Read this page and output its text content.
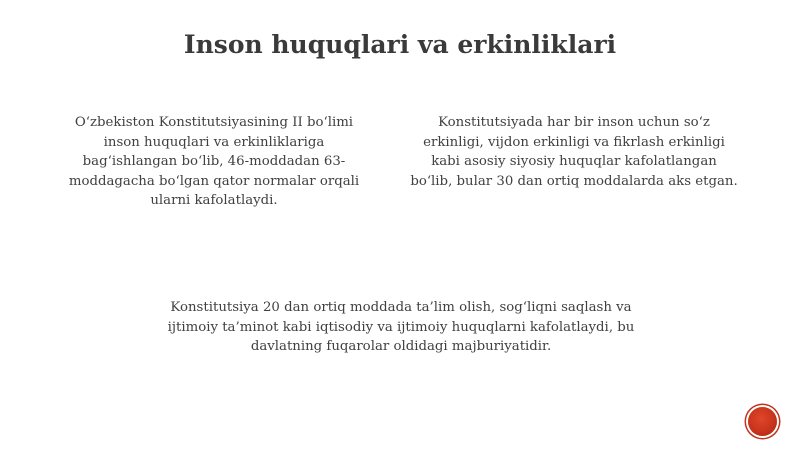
Inson huquqlari va erkinliklari
O‘zbekiston Konstitutsiyasining II bo‘limi
inson huquqlari va erkinliklariga
bag‘ishlangan bo‘lib, 46-moddadan 63-
moddagacha bo‘lgan qator normalar orqali
ularni kafolatlaydi.
Konstitutsiyada har bir inson uchun so‘z
erkinligi, vijdon erkinligi va fikrlash erkinligi
kabi asosiy siyosiy huquqlar kafolatlangan
bo‘lib, bular 30 dan ortiq moddalarda aks etgan.
Konstitutsiya 20 dan ortiq moddada ta’lim olish, sog‘liqni saqlash va
ijtimoiy ta’minot kabi iqtisodiy va ijtimoiy huquqlarni kafolatlaydi, bu
davlatning fuqarolar oldidagi majburiyatidir.
